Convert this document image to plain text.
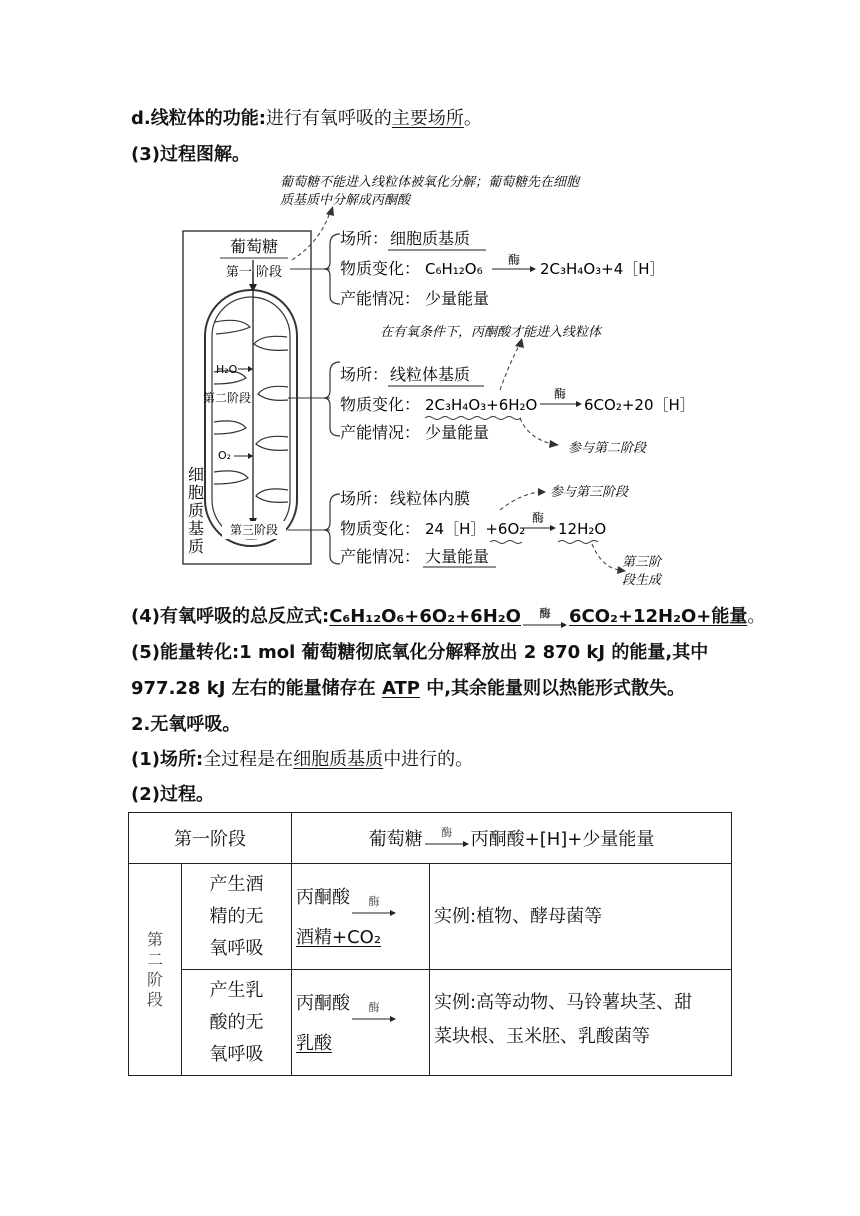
d.线粒体的功能:进行有氧呼吸的主要场所。
(3)过程图解。
葡萄糖
第一 阶段
H₂O
第二阶段
O₂
第三阶段
细
胞
质
基
质
葡萄糖不能进入线粒体被氧化分解；葡萄糖先在细胞
质基质中分解成丙酮酸
场所： 细胞质基质
物质变化： C₆H₁₂O₆ 酶 2C₃H₄O₃+4［H］
产能情况： 少量能量
在有氧条件下，丙酮酸才能进入线粒体
场所： 线粒体基质
物质变化： 2C₃H₄O₃+6H₂O
酶
6CO₂+20［H］
产能情况： 少量能量
参与第二阶段
场所： 线粒体内膜
物质变化： 24［H］+6O₂
酶
12H₂O
产能情况： 大量能量
参与第三阶段
第三阶
段生成
(4)有氧呼吸的总反应式:C₆H₁₂O₆+6O₂+6H₂O 酶 6CO₂+12H₂O+能量。
(5)能量转化:1 mol 葡萄糖彻底氧化分解释放出 2 870 kJ 的能量,其中
977.28 kJ 左右的能量储存在 ATP 中,其余能量则以热能形式散失。
2.无氧呼吸。
(1)场所:全过程是在细胞质基质中进行的。
(2)过程。
第一阶段	葡萄糖 酶 丙酮酸+[H]+少量能量
第
二
阶
段
产生酒
精的无
氧呼吸
丙酮酸 酶
酒精+CO₂
实例:植物、酵母菌等
产生乳
酸的无
氧呼吸
丙酮酸 酶
乳酸
实例:高等动物、马铃薯块茎、甜
菜块根、玉米胚、乳酸菌等
